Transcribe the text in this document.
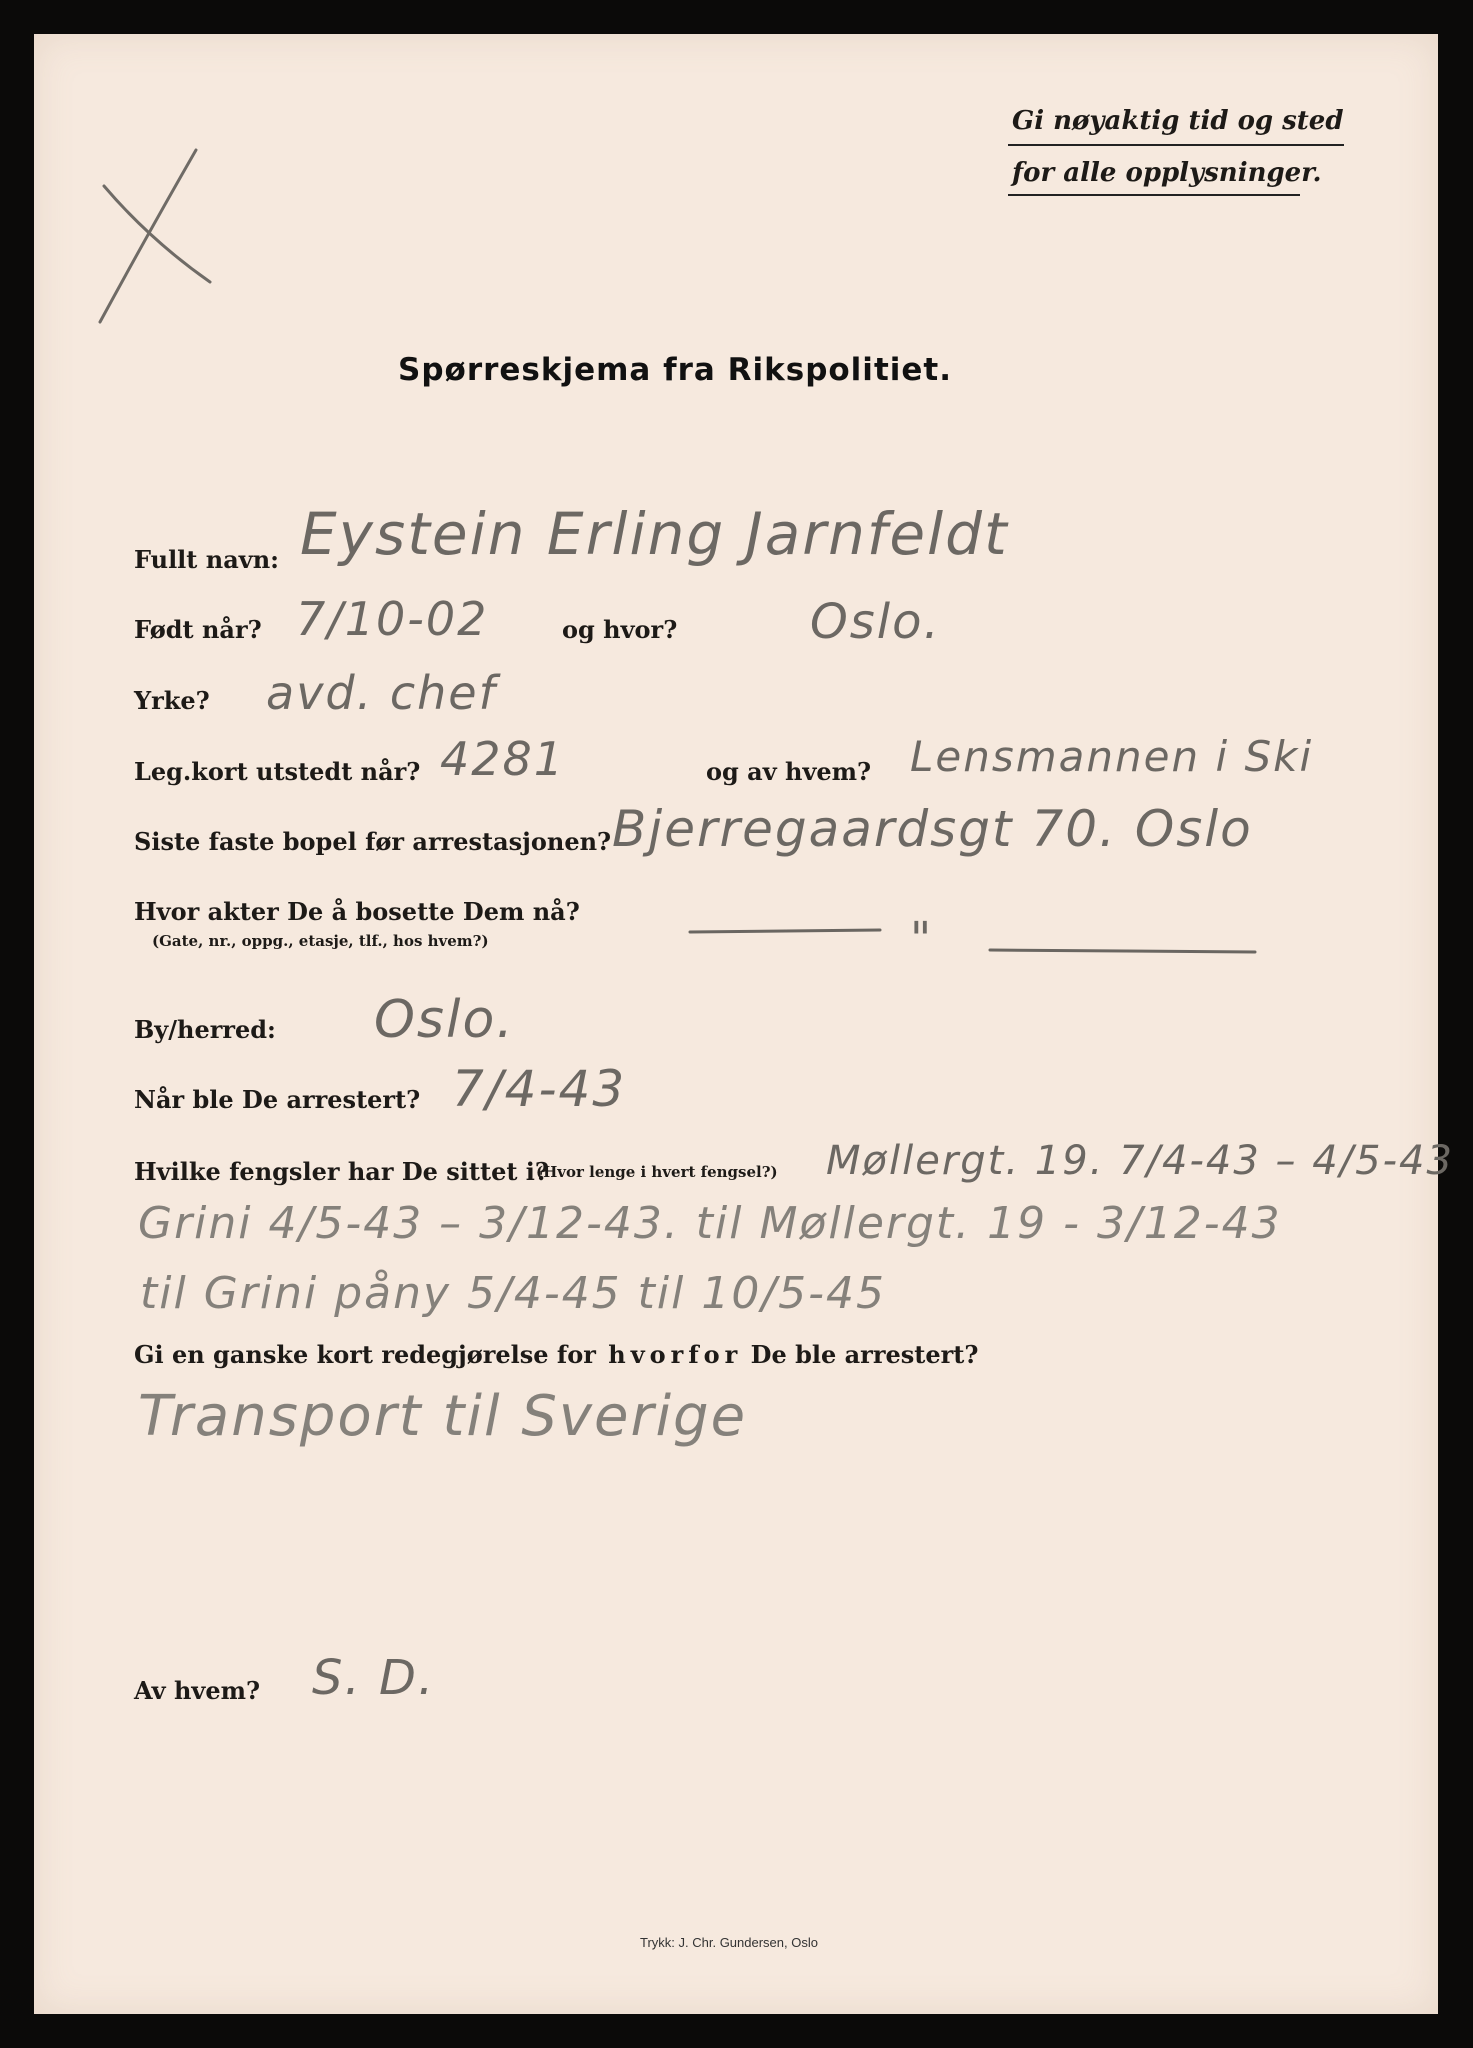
Gi nøyaktig tid og sted
for alle opplysninger.
Spørreskjema fra Rikspolitiet.
Fullt navn: Eystein Erling Jarnfeldt
Født når? 7/10-02	og hvor?	Oslo.
Yrke? avd. chef
Leg.kort utstedt når? 4281	og av hvem? Lensmannen i Ski
Siste faste bopel før arrestasjonen? Bjerregaardsgt 70. Oslo
Hvor akter De å bosette Dem nå?
(Gate, nr., oppg., etasje, tlf., hos hvem?)	"
By/herred: Oslo.
Når ble De arrestert? 7/4-43
Hvilke fengsler har De sittet i?
(Hvor lenge i hvert fengsel?) Møllergt. 19. 7/4-43 – 4/5-43
Grini 4/5-43 – 3/12-43. til Møllergt. 19 - 3/12-43
til Grini påny 5/4-45 til 10/5-45
Gi en ganske kort redegjørelse for hvorfor De ble arrestert?
Transport til Sverige
Av hvem? S. D.
Trykk: J. Chr. Gundersen, Oslo
